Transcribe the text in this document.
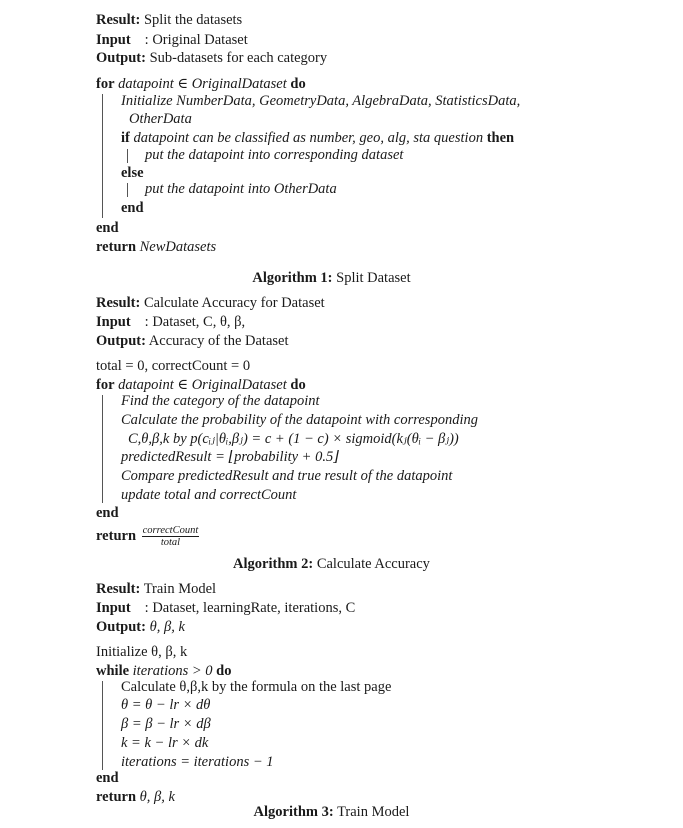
Result: Split the datasets
Input : Original Dataset
Output: Sub-datasets for each category
for datapoint ∈ OriginalDataset do
Initialize NumberData, GeometryData, AlgebraData, StatisticsData,
OtherData
if datapoint can be classified as number, geo, alg, sta question then
put the datapoint into corresponding dataset
else
put the datapoint into OtherData
end
end
return NewDatasets
Algorithm 1: Split Dataset
Result: Calculate Accuracy for Dataset
Input : Dataset, C, θ, β,
Output: Accuracy of the Dataset
total = 0, correctCount = 0
for datapoint ∈ OriginalDataset do
Find the category of the datapoint
Calculate the probability of the datapoint with corresponding
C,θ,β,k by p(cᵢⱼ|θᵢ,βⱼ) = c + (1 − c) × sigmoid(kⱼ(θᵢ − βⱼ))
predictedResult = ⌊probability + 0.5⌋
Compare predictedResult and true result of the datapoint
update total and correctCount
end
return $\frac{\text{correctCount}}{\text{total}}$
Algorithm 2: Calculate Accuracy
Result: Train Model
Input : Dataset, learningRate, iterations, C
Output: θ, β, k
Initialize θ, β, k
while iterations > 0 do
Calculate θ,β,k by the formula on the last page
θ = θ − lr × dθ
β = β − lr × dβ
k = k − lr × dk
iterations = iterations − 1
end
return θ, β, k
Algorithm 3: Train Model
